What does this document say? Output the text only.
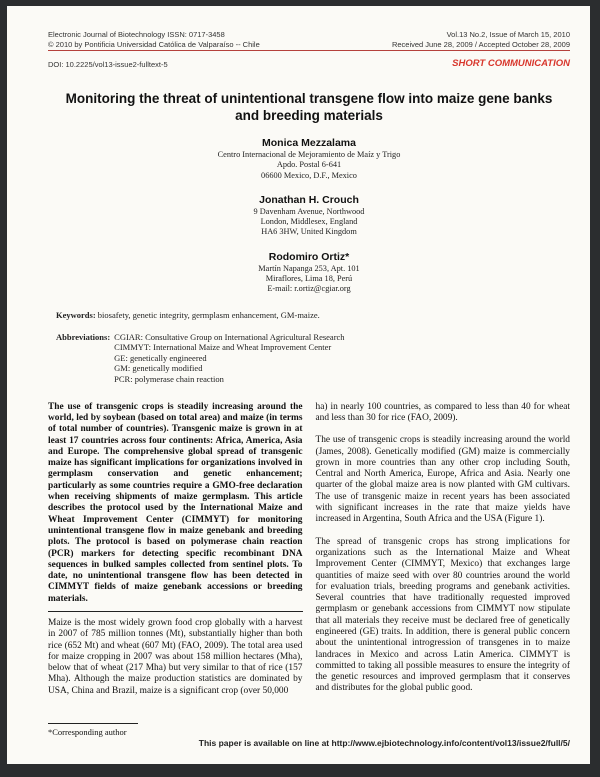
Electronic Journal of Biotechnology ISSN: 0717-3458
© 2010 by Pontificia Universidad Católica de Valparaíso -- Chile
Vol.13 No.2, Issue of March 15, 2010
Received June 28, 2009 / Accepted October 28, 2009
DOI: 10.2225/vol13-issue2-fulltext-5	SHORT COMMUNICATION
Monitoring the threat of unintentional transgene flow into maize gene banks and breeding materials
Monica Mezzalama
Centro Internacional de Mejoramiento de Maíz y Trigo
Apdo. Postal 6-641
06600 Mexico, D.F., Mexico
Jonathan H. Crouch
9 Davenham Avenue, Northwood
London, Middlesex, England
HA6 3HW, United Kingdom
Rodomiro Ortiz*
Martín Napanga 253, Apt. 101
Miraflores, Lima 18, Perú
E-mail: r.ortiz@cgiar.org
Keywords: biosafety, genetic integrity, germplasm enhancement, GM-maize.
Abbreviations: CGIAR: Consultative Group on International Agricultural Research
CIMMYT: International Maize and Wheat Improvement Center
GE: genetically engineered
GM: genetically modified
PCR: polymerase chain reaction

The use of transgenic crops is steadily increasing around the world, led by soybean (based on total area) and maize (in terms of total number of countries). Transgenic maize is grown in at least 17 countries across four continents: Africa, America, Asia and Europe. The comprehensive global spread of transgenic maize has significant implications for organizations involved in germplasm conservation and genetic enhancement; particularly as some countries require a GMO-free declaration when receiving shipments of maize germplasm. This article describes the protocol used by the International Maize and Wheat Improvement Center (CIMMYT) for monitoring unintentional transgene flow in maize genebank and breeding plots. The protocol is based on polymerase chain reaction (PCR) markers for detecting specific recombinant DNA sequences in bulked samples collected from sentinel plots. To date, no unintentional transgene flow has been detected in CIMMYT fields of maize genebank accessions or breeding materials.

Maize is the most widely grown food crop globally with a harvest in 2007 of 785 million tonnes (Mt), substantially higher than both rice (652 Mt) and wheat (607 Mt) (FAO, 2009). The total area used for maize cropping in 2007 was about 158 million hectares (Mha), below that of wheat (217 Mha) but very similar to that of rice (157 Mha). Although the maize production statistics are dominated by USA, China and Brazil, maize is a significant crop (over 50,000

*Corresponding author

ha) in nearly 100 countries, as compared to less than 40 for wheat and less than 30 for rice (FAO, 2009).

The use of transgenic crops is steadily increasing around the world (James, 2008). Genetically modified (GM) maize is commercially grown in more countries than any other crop including South, Central and North America, Europe, Africa and Asia. Nearly one quarter of the global maize area is now planted with GM cultivars. The use of transgenic maize in recent years has been associated with significant increases in the rate that maize yields have increased in Argentina, South Africa and the USA (Figure 1).

The spread of transgenic crops has strong implications for organizations such as the International Maize and Wheat Improvement Center (CIMMYT, Mexico) that exchanges large quantities of maize seed with over 80 countries around the world for evaluation trials, breeding programs and genebank activities. Several countries that have traditionally requested improved germplasm or genebank accessions from CIMMYT now stipulate that all materials they receive must be declared free of genetically engineered (GE) traits. In addition, there is general public concern about the unintentional introgression of transgenes in to maize landraces in Mexico and across Latin America. CIMMYT is committed to taking all possible measures to ensure the integrity of the genetic resources and improved germplasm that it conserves and distributes for the global public good.

This paper is available on line at http://www.ejbiotechnology.info/content/vol13/issue2/full/5/
